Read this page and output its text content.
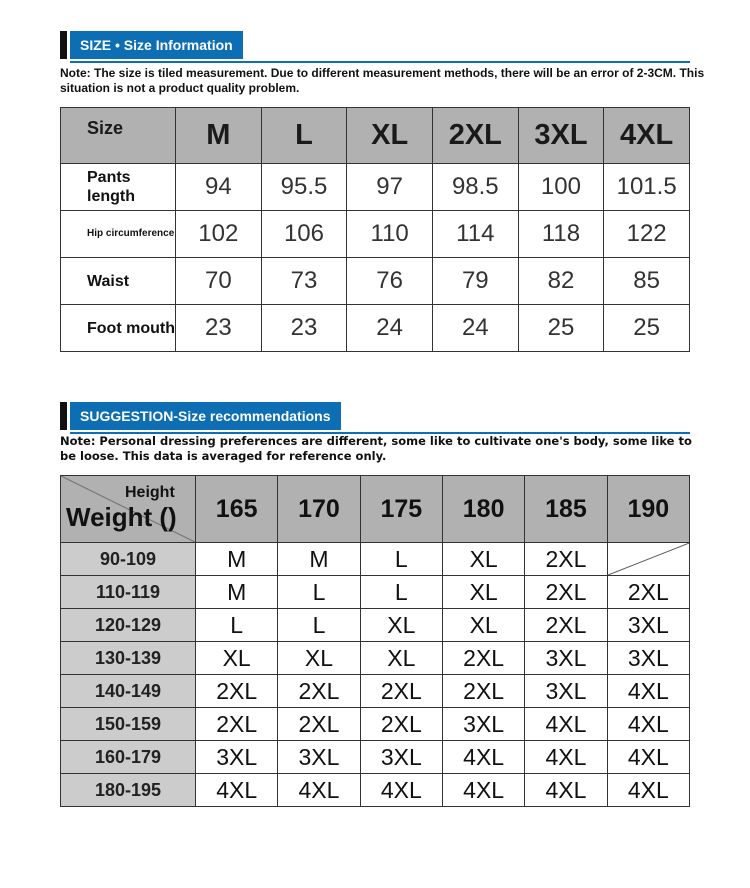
SIZE • Size Information
Note: The size is tiled measurement. Due to different measurement methods, there will be an error of 2-3CM. This situation is not a product quality problem.
Size	M	L	XL	2XL	3XL	4XL
Pants length	94	95.5	97	98.5	100	101.5
Hip circumference	102	106	110	114	118	122
Waist	70	73	76	79	82	85
Foot mouth	23	23	24	24	25	25
SUGGESTION-Size recommendations
Note: Personal dressing preferences are different, some like to cultivate one's body, some like to be loose. This data is averaged for reference only.
Height
Weight ()	165	170	175	180	185	190
90-109	M	M	L	XL	2XL	

110-119	M	L	L	XL	2XL	2XL
120-129	L	L	XL	XL	2XL	3XL
130-139	XL	XL	XL	2XL	3XL	3XL
140-149	2XL	2XL	2XL	2XL	3XL	4XL
150-159	2XL	2XL	2XL	3XL	4XL	4XL
160-179	3XL	3XL	3XL	4XL	4XL	4XL
180-195	4XL	4XL	4XL	4XL	4XL	4XL
